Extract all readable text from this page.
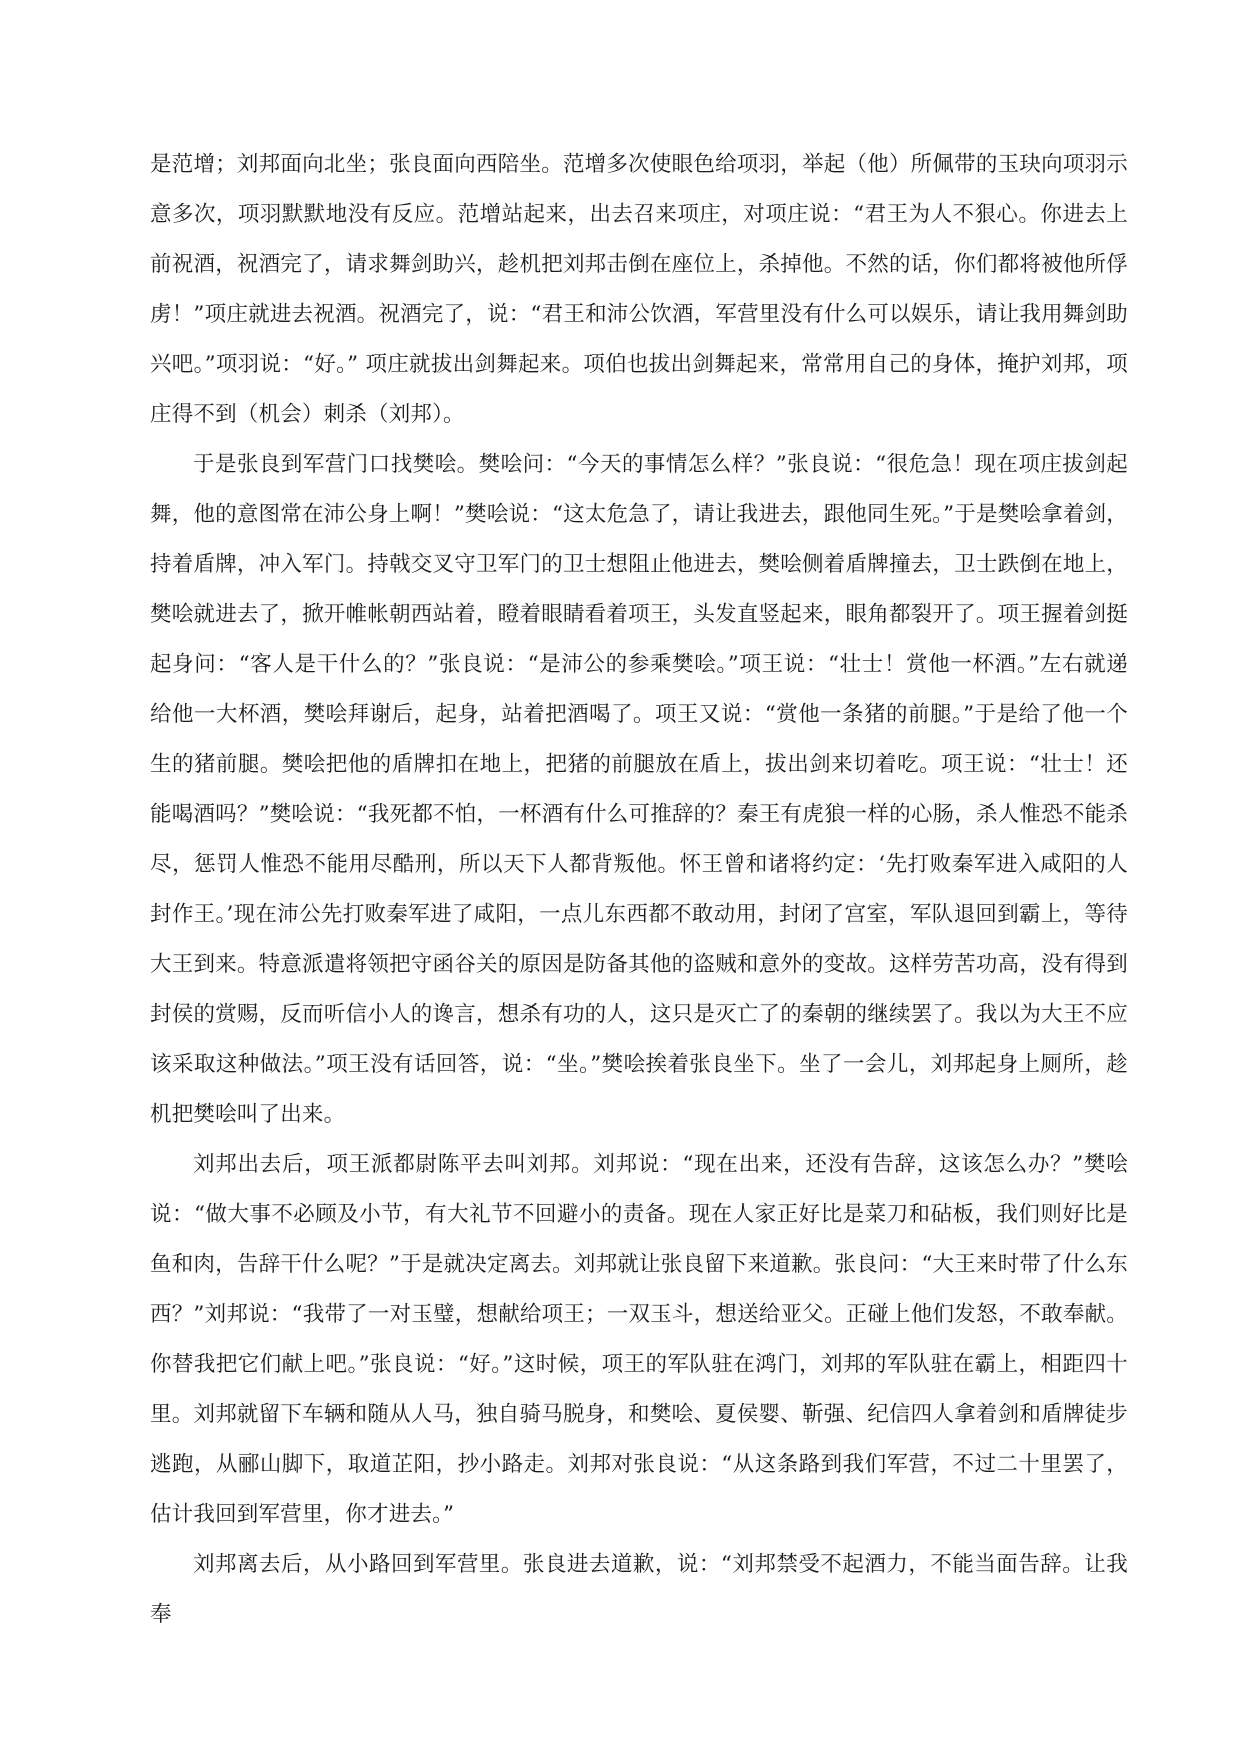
是范增；刘邦面向北坐；张良面向西陪坐。范增多次使眼色给项羽，举起（他）所佩带的玉玦向项羽示意多次，项羽默默地没有反应。范增站起来，出去召来项庄，对项庄说：“君王为人不狠心。你进去上前祝酒，祝酒完了，请求舞剑助兴，趁机把刘邦击倒在座位上，杀掉他。不然的话，你们都将被他所俘虏！”项庄就进去祝酒。祝酒完了，说：“君王和沛公饮酒，军营里没有什么可以娱乐，请让我用舞剑助兴吧。”项羽说：“好。” 项庄就拔出剑舞起来。项伯也拔出剑舞起来，常常用自己的身体，掩护刘邦，项庄得不到（机会）刺杀（刘邦）。

于是张良到军营门口找樊哙。樊哙问：“今天的事情怎么样？”张良说：“很危急！现在项庄拔剑起舞，他的意图常在沛公身上啊！”樊哙说：“这太危急了，请让我进去，跟他同生死。”于是樊哙拿着剑，持着盾牌，冲入军门。持戟交叉守卫军门的卫士想阻止他进去，樊哙侧着盾牌撞去，卫士跌倒在地上，樊哙就进去了，掀开帷帐朝西站着，瞪着眼睛看着项王，头发直竖起来，眼角都裂开了。项王握着剑挺起身问：“客人是干什么的？”张良说：“是沛公的参乘樊哙。”项王说：“壮士！赏他一杯酒。”左右就递给他一大杯酒，樊哙拜谢后，起身，站着把酒喝了。项王又说：“赏他一条猪的前腿。”于是给了他一个生的猪前腿。樊哙把他的盾牌扣在地上，把猪的前腿放在盾上，拔出剑来切着吃。项王说：“壮士！还能喝酒吗？”樊哙说：“我死都不怕，一杯酒有什么可推辞的？秦王有虎狼一样的心肠，杀人惟恐不能杀尽，惩罚人惟恐不能用尽酷刑，所以天下人都背叛他。怀王曾和诸将约定：‘先打败秦军进入咸阳的人封作王。’现在沛公先打败秦军进了咸阳，一点儿东西都不敢动用，封闭了宫室，军队退回到霸上，等待大王到来。特意派遣将领把守函谷关的原因是防备其他的盗贼和意外的变故。这样劳苦功高，没有得到封侯的赏赐，反而听信小人的谗言，想杀有功的人，这只是灭亡了的秦朝的继续罢了。我以为大王不应该采取这种做法。”项王没有话回答，说：“坐。”樊哙挨着张良坐下。坐了一会儿，刘邦起身上厕所，趁机把樊哙叫了出来。

刘邦出去后，项王派都尉陈平去叫刘邦。刘邦说：“现在出来，还没有告辞，这该怎么办？”樊哙说：“做大事不必顾及小节，有大礼节不回避小的责备。现在人家正好比是菜刀和砧板，我们则好比是鱼和肉，告辞干什么呢？”于是就决定离去。刘邦就让张良留下来道歉。张良问：“大王来时带了什么东西？”刘邦说：“我带了一对玉璧，想献给项王；一双玉斗，想送给亚父。正碰上他们发怒，不敢奉献。你替我把它们献上吧。”张良说：“好。”这时候，项王的军队驻在鸿门，刘邦的军队驻在霸上，相距四十里。刘邦就留下车辆和随从人马，独自骑马脱身，和樊哙、夏侯婴、靳强、纪信四人拿着剑和盾牌徒步逃跑，从郦山脚下，取道芷阳，抄小路走。刘邦对张良说：“从这条路到我们军营，不过二十里罢了，估计我回到军营里，你才进去。”

刘邦离去后，从小路回到军营里。张良进去道歉，说：“刘邦禁受不起酒力，不能当面告辞。让我奉
